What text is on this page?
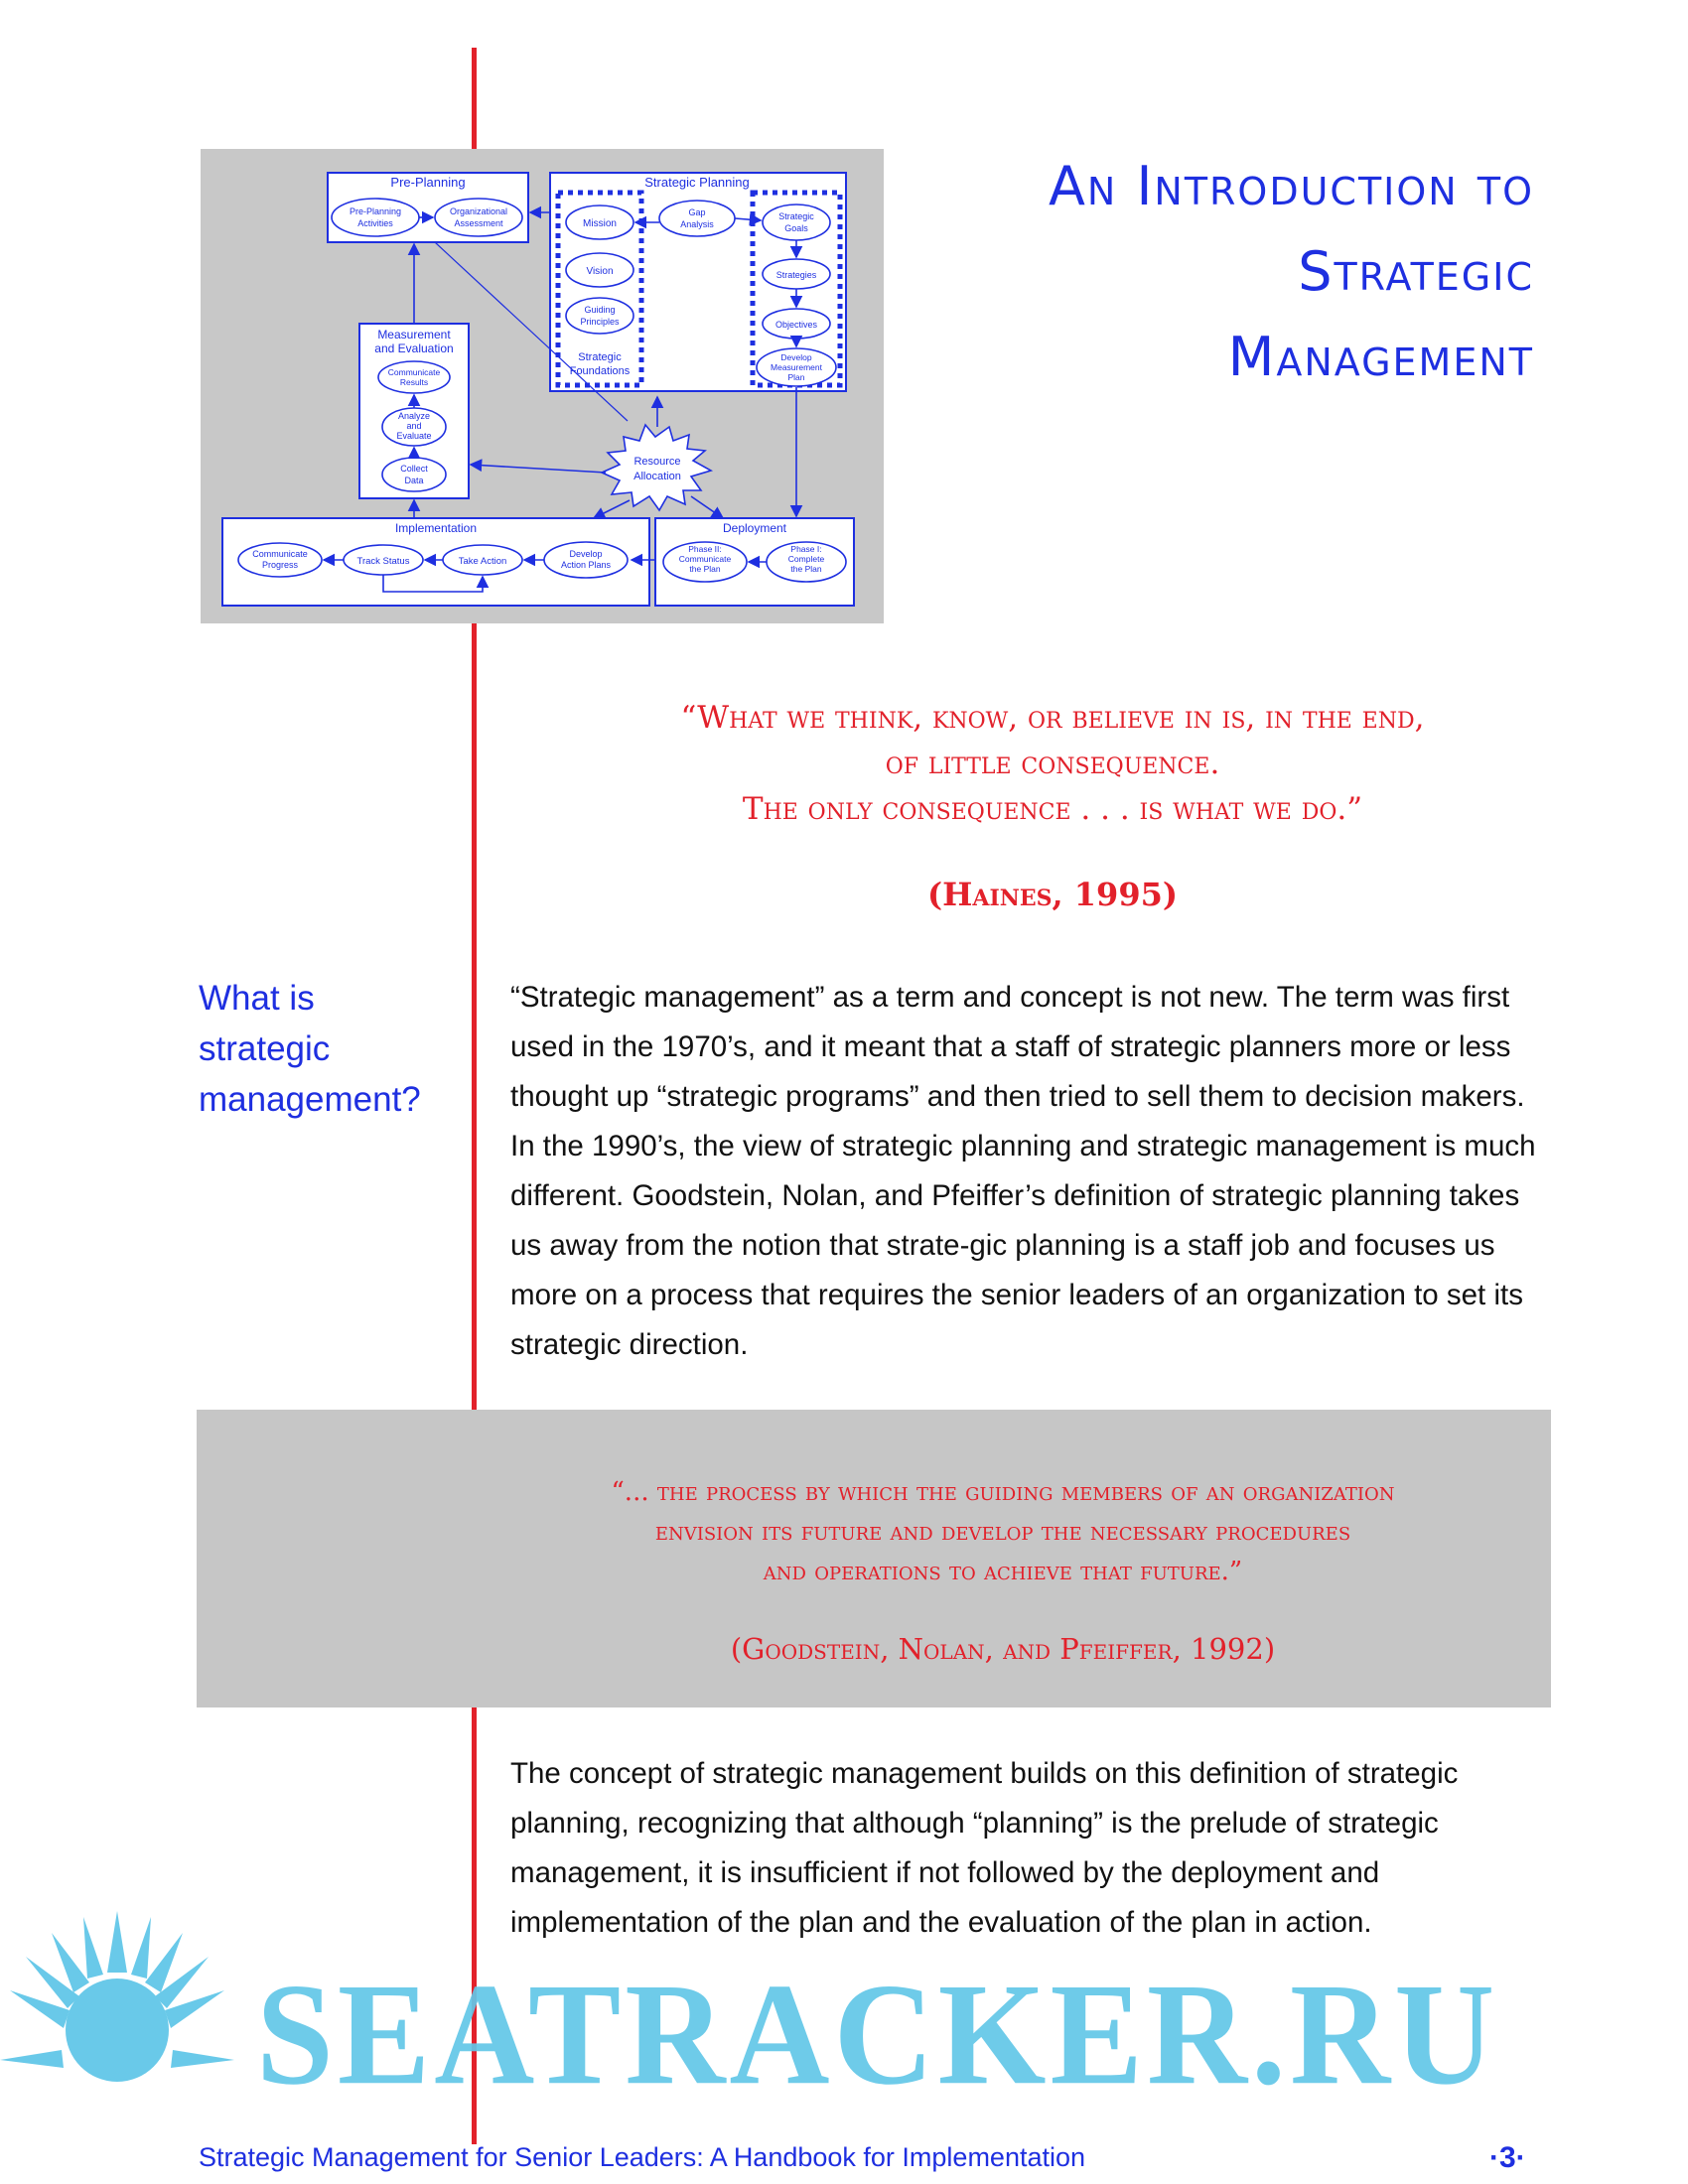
Pre-Planning
Pre-Planning
Activities
Organizational
Assessment
Strategic Planning
Mission
Vision
Guiding
Principles
Strategic
Foundations
Gap
Analysis
Strategic
Goals
Strategies
Objectives
Develop
Measurement
Plan
Measurement
and Evaluation
Communicate
Results
Analyze
and
Evaluate
Collect
Data
Resource
Allocation
Implementation
Communicate
Progress	Track Status	Take Action
Develop
Action Plans
Deployment
Phase II:
Communicate
the Plan
Phase I:
Complete
the Plan
An Introduction to
Strategic
Management
“What we think, know, or believe in is, in the end,
of little consequence.
The only consequence . . . is what we do.”
(Haines, 1995)
What is
strategic
management?
“Strategic management” as a term and concept is not new. The term was first used in the 1970’s, and it meant that a staff of strategic planners more or less thought up “strategic programs” and then tried to sell them to decision makers. In the 1990’s, the view of strategic planning and strategic management is much different. Goodstein, Nolan, and Pfeiffer’s definition of strategic planning takes us away from the notion that strate-gic planning is a staff job and focuses us more on a process that requires the senior leaders of an organization to set its strategic direction.
“... the process by which the guiding members of an organization
envision its future and develop the necessary procedures
and operations to achieve that future.”
(Goodstein, Nolan, and Pfeiffer, 1992)
The concept of strategic management builds on this definition of strategic planning, recognizing that although “planning” is the prelude of strategic management, it is insufficient if not followed by the deployment and implementation of the plan and the evaluation of the plan in action.
Strategic Management for Senior Leaders: A Handbook for Implementation	·3·
SEATRACKER.RU
